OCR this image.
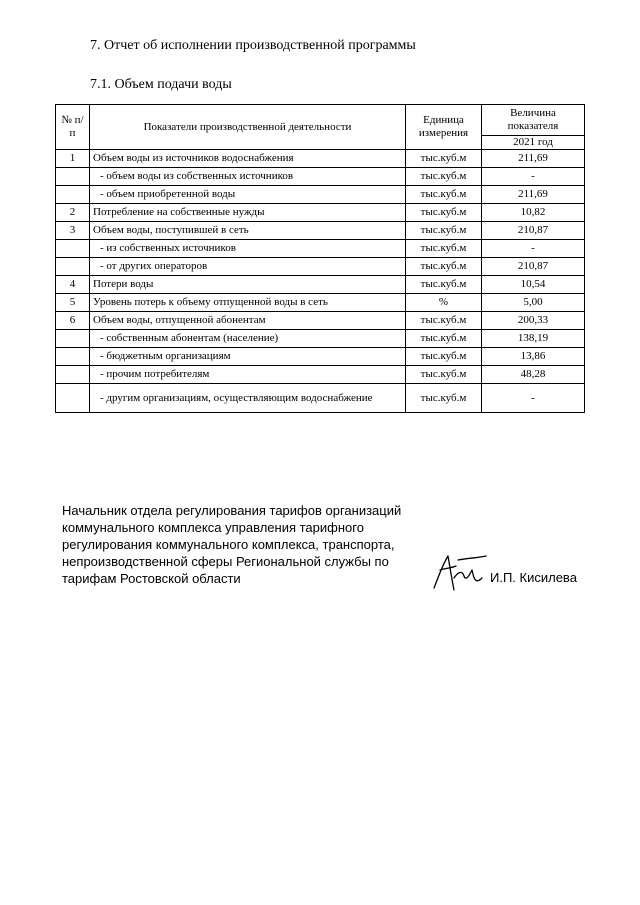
7. Отчет об исполнении производственной программы
7.1. Объем подачи воды
№ п/п	Показатели производственной деятельности	Единица измерения	Величина показателя
			2021 год
1	Объем воды из источников водоснабжения	тыс.куб.м	211,69
	- объем воды из собственных источников	тыс.куб.м	-
	- объем приобретенной воды	тыс.куб.м	211,69
2	Потребление на собственные нужды	тыс.куб.м	10,82
3	Объем воды, поступившей в сеть	тыс.куб.м	210,87
	- из собственных источников	тыс.куб.м	-
	- от других операторов	тыс.куб.м	210,87
4	Потери воды	тыс.куб.м	10,54
5	Уровень потерь к объему отпущенной воды в сеть	%	5,00
6	Объем воды, отпущенной абонентам	тыс.куб.м	200,33
	- собственным абонентам (население)	тыс.куб.м	138,19
	- бюджетным организациям	тыс.куб.м	13,86
	- прочим потребителям	тыс.куб.м	48,28
	- другим организациям, осуществляющим водоснабжение	тыс.куб.м	-
Начальник отдела регулирования тарифов организаций
коммунального комплекса управления тарифного
регулирования коммунального комплекса, транспорта,
непроизводственной сферы Региональной службы по
тарифам Ростовской области	И.П. Кисилева
